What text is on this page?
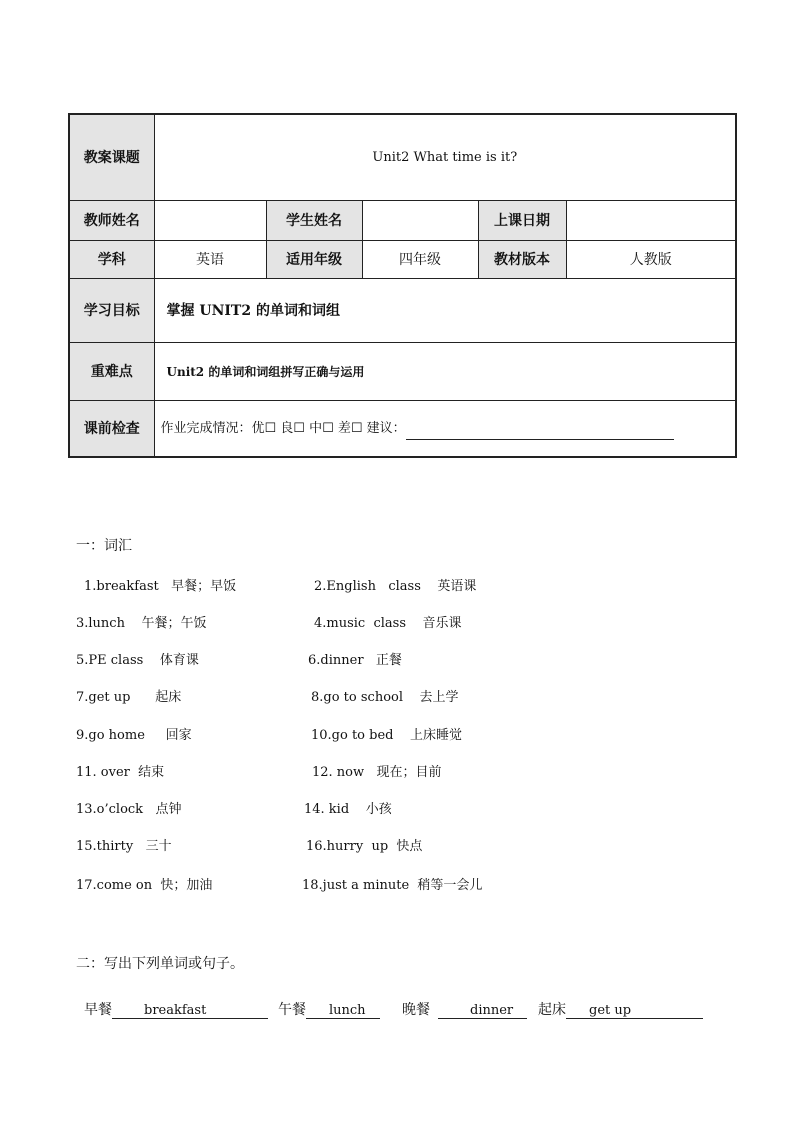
教案课题	Unit2 What time is it?				
教师姓名		学生姓名		上课日期	
学科	英语	适用年级	四年级	教材版本	人教版
学习目标	掌握 UNIT2 的单词和词组				
重难点	Unit2 的单词和词组拼写正确与运用				
课前检查	作业完成情况：优☐ 良☐ 中☐ 差☐ 建议：				
一：词汇
1.breakfast   早餐；早饭	2.English   class    英语课
3.lunch    午餐；午饭	4.music  class    音乐课
5.PE class    体育课	6.dinner   正餐
7.get up      起床	8.go to school    去上学
9.go home     回家	10.go to bed    上床睡觉
11. over  结束	12. now   现在；目前
13.o’clock   点钟	14. kid    小孩
15.thirty   三十	16.hurry  up  快点
17.come on  快；加油	18.just a minute  稍等一会儿
二：写出下列单词或句子。
早餐 breakfast	午餐 lunch	晚餐	dinner	起床 get up
